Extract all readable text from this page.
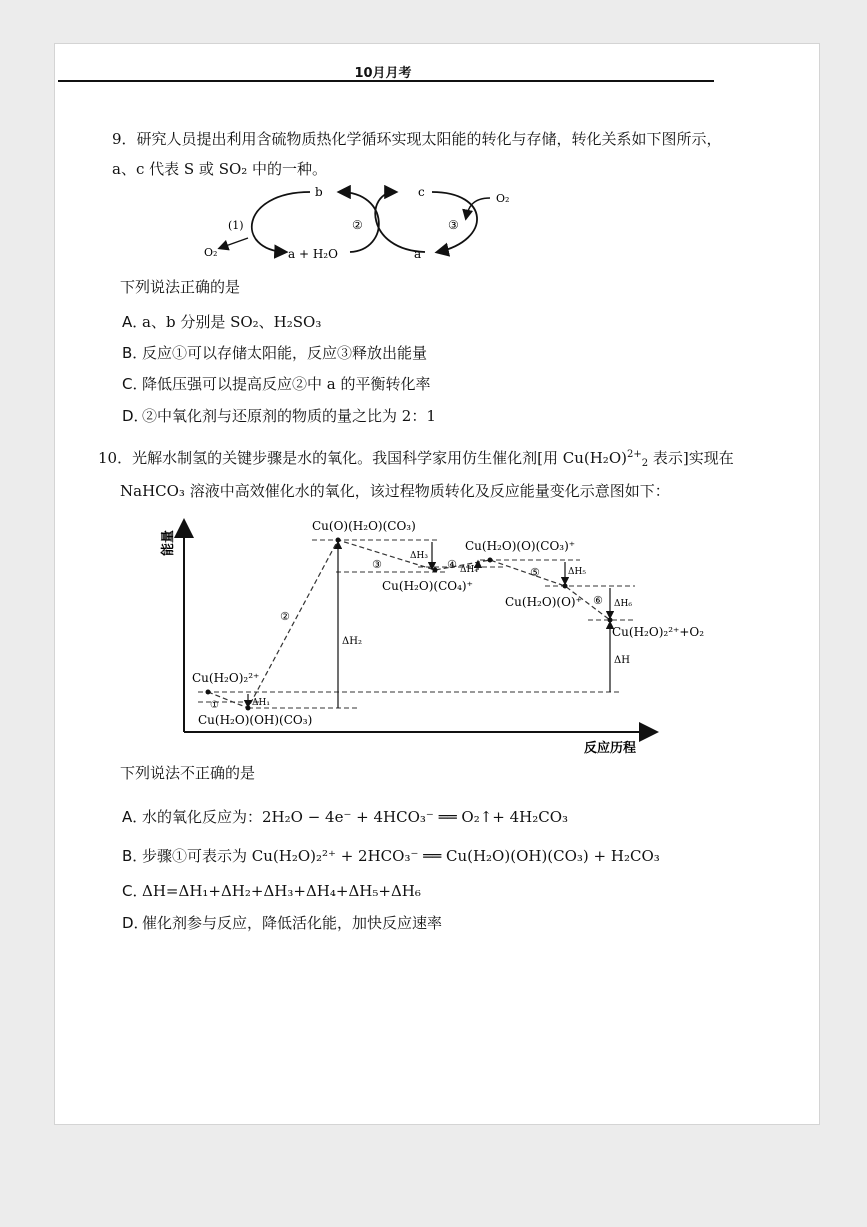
10月月考
9．研究人员提出利用含硫物质热化学循环实现太阳能的转化与存储，转化关系如下图所示，
a、c 代表 S 或 SO₂ 中的一种。
b	c	O₂
O₂	a + H₂O	a
(1)	②	③
下列说法正确的是
A．a、b 分别是 SO₂、H₂SO₃
B．反应①可以存储太阳能，反应③释放出能量
C．降低压强可以提高反应②中 a 的平衡转化率
D．②中氧化剂与还原剂的物质的量之比为 2：1
10．光解水制氢的关键步骤是水的氧化。我国科学家用仿生催化剂[用 $Cu(H_2O)^{2+}_2$ 表示]实现在
NaHCO₃ 溶液中高效催化水的氧化，该过程物质转化及反应能量变化示意图如下：
能量
反应历程
Cu(H₂O)₂²⁺
Cu(H₂O)(OH)(CO₃)
Cu(O)(H₂O)(CO₃)
Cu(H₂O)(CO₄)⁺
Cu(H₂O)(O)(CO₃)⁺
Cu(H₂O)(O)⁺
Cu(H₂O)₂²⁺+O₂
①
②
③	④
⑤
⑥
ΔH₁
ΔH₂
ΔH₃
ΔH₄	ΔH₅
ΔH₆
ΔH
下列说法不正确的是
A．水的氧化反应为：2H₂O − 4e⁻ + 4HCO₃⁻ ══ O₂↑+ 4H₂CO₃
B．步骤①可表示为 Cu(H₂O)₂²⁺ + 2HCO₃⁻ ══ Cu(H₂O)(OH)(CO₃) + H₂CO₃
C．ΔH=ΔH₁+ΔH₂+ΔH₃+ΔH₄+ΔH₅+ΔH₆
D．催化剂参与反应，降低活化能，加快反应速率
